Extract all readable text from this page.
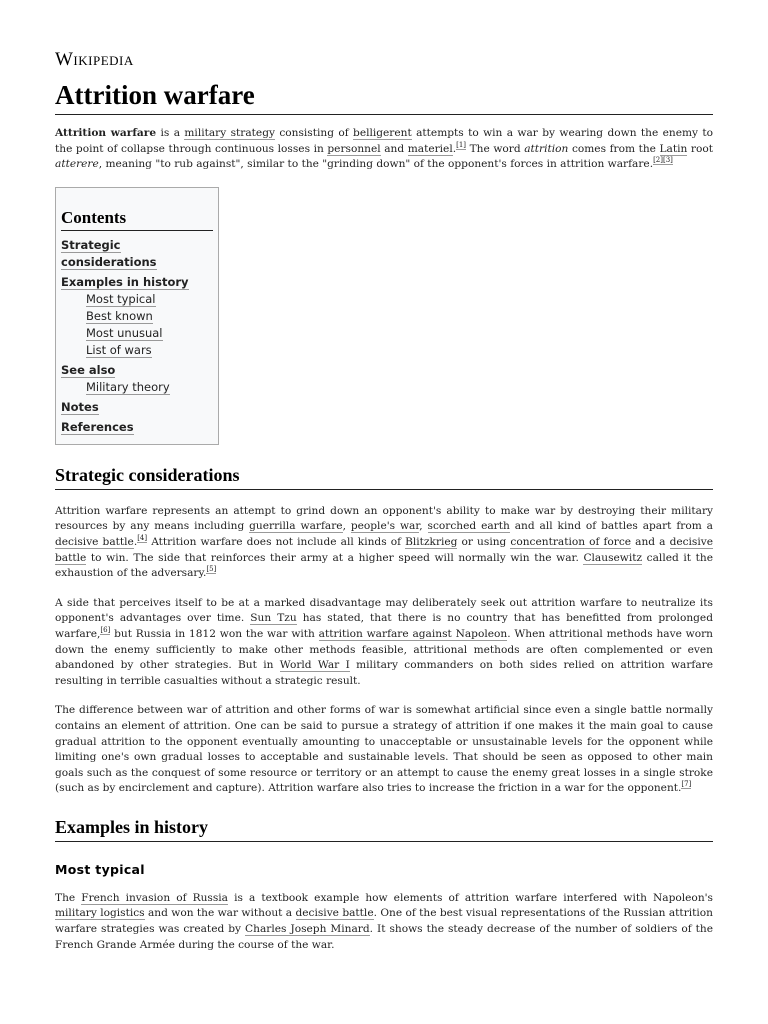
Wikipedia
Attrition warfare

Attrition warfare is a military strategy consisting of belligerent attempts to win a war by wearing down the enemy to the point of collapse through continuous losses in personnel and materiel.[1] The word attrition comes from the Latin root atterere, meaning "to rub against", similar to the "grinding down" of the opponent's forces in attrition warfare.[2][3]

Contents
Strategic considerations
Examples in history
Most typical
Best known
Most unusual
List of wars
See also
Military theory
Notes
References
Strategic considerations

Attrition warfare represents an attempt to grind down an opponent's ability to make war by destroying their military resources by any means including guerrilla warfare, people's war, scorched earth and all kind of battles apart from a decisive battle.[4] Attrition warfare does not include all kinds of Blitzkrieg or using concentration of force and a decisive battle to win. The side that reinforces their army at a higher speed will normally win the war. Clausewitz called it the exhaustion of the adversary.[5]

A side that perceives itself to be at a marked disadvantage may deliberately seek out attrition warfare to neutralize its opponent's advantages over time. Sun Tzu has stated, that there is no country that has benefitted from prolonged warfare,[6] but Russia in 1812 won the war with attrition warfare against Napoleon. When attritional methods have worn down the enemy sufficiently to make other methods feasible, attritional methods are often complemented or even abandoned by other strategies. But in World War I military commanders on both sides relied on attrition warfare resulting in terrible casualties without a strategic result.

The difference between war of attrition and other forms of war is somewhat artificial since even a single battle normally contains an element of attrition. One can be said to pursue a strategy of attrition if one makes it the main goal to cause gradual attrition to the opponent eventually amounting to unacceptable or unsustainable levels for the opponent while limiting one's own gradual losses to acceptable and sustainable levels. That should be seen as opposed to other main goals such as the conquest of some resource or territory or an attempt to cause the enemy great losses in a single stroke (such as by encirclement and capture). Attrition warfare also tries to increase the friction in a war for the opponent.[7]

Examples in history
Most typical

The French invasion of Russia is a textbook example how elements of attrition warfare interfered with Napoleon's military logistics and won the war without a decisive battle. One of the best visual representations of the Russian attrition warfare strategies was created by Charles Joseph Minard. It shows the steady decrease of the number of soldiers of the French Grande Armée during the course of the war.
